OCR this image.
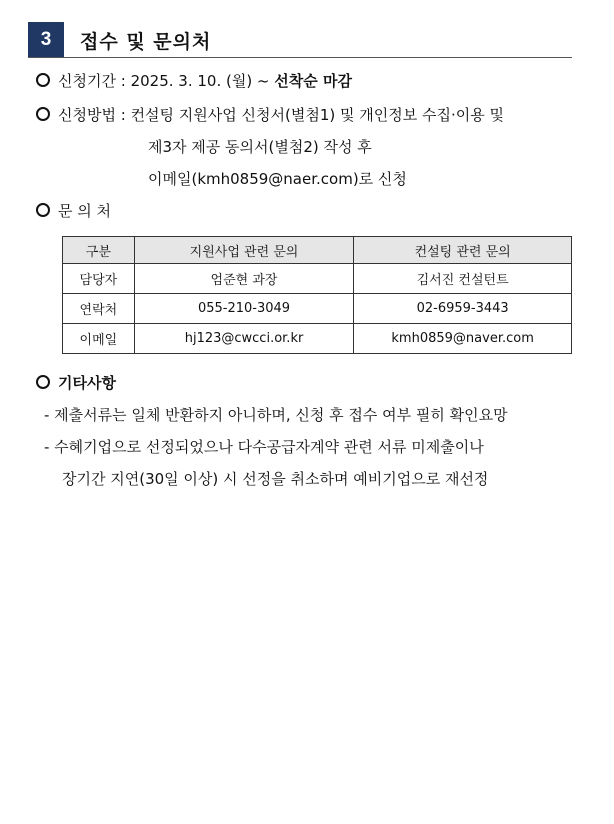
3	접수 및 문의처
신청기간 : 2025. 3. 10. (월) ~ 선착순 마감
신청방법 : 컨설팅 지원사업 신청서(별첨1) 및 개인정보 수집·이용 및
제3자 제공 동의서(별첨2) 작성 후
이메일(kmh0859@naer.com)로 신청
문 의 처
구분	지원사업 관련 문의	컨설팅 관련 문의
담당자	엄준현 과장	김서진 컨설턴트
연락처	055-210-3049	02-6959-3443
이메일	hj123@cwcci.or.kr	kmh0859@naver.com
기타사항
- 제출서류는 일체 반환하지 아니하며, 신청 후 접수 여부 필히 확인요망
- 수혜기업으로 선정되었으나 다수공급자계약 관련 서류 미제출이나
장기간 지연(30일 이상) 시 선정을 취소하며 예비기업으로 재선정
